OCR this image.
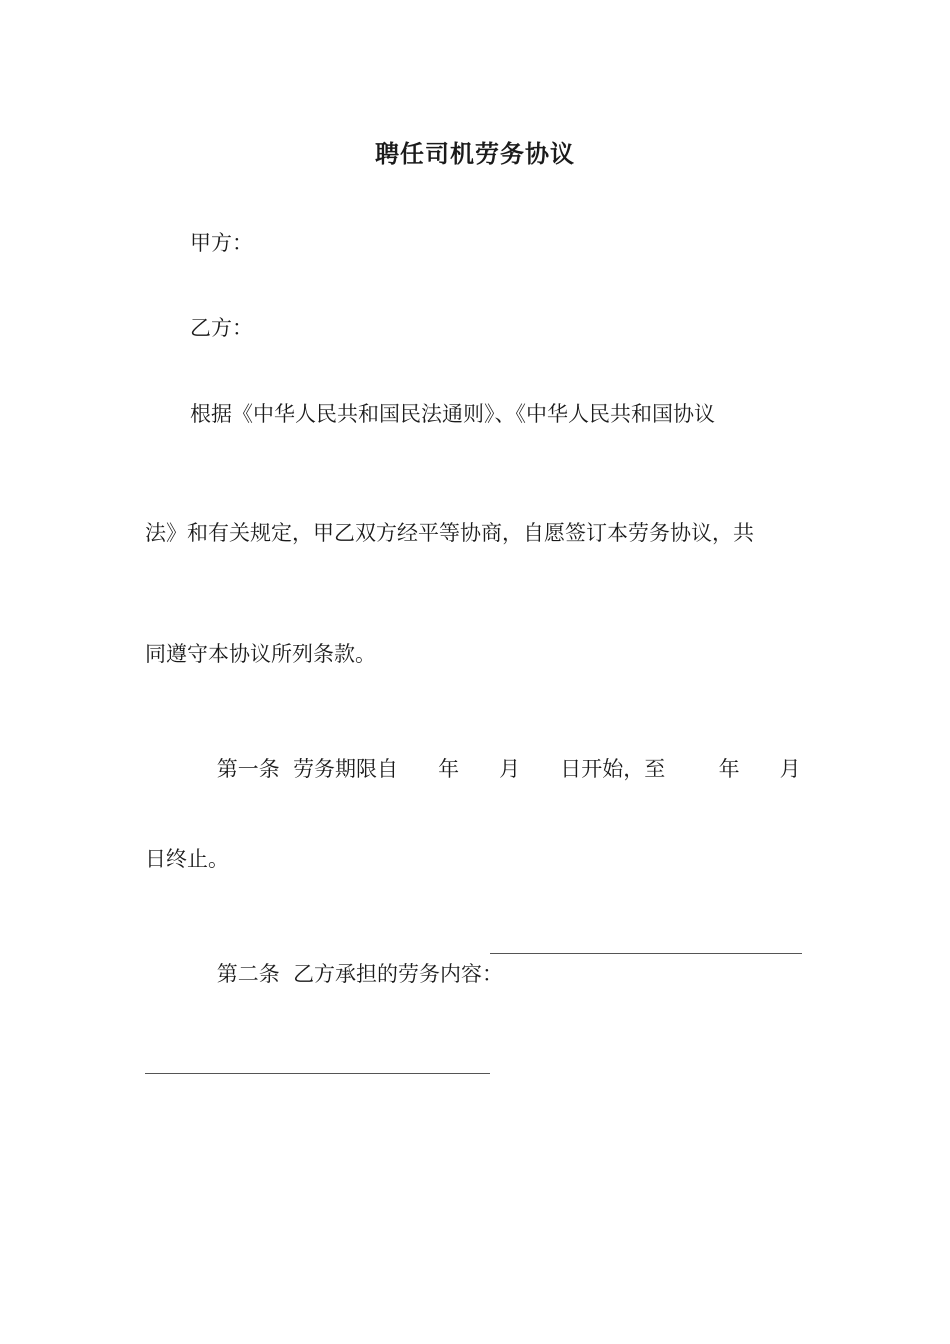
聘任司机劳务协议
甲方：
乙方：
根据《中华人民共和国民法通则》、《中华人民共和国协议
法》和有关规定，甲乙双方经平等协商，自愿签订本劳务协议，共
同遵守本协议所列条款。

第一条 劳务期限自      年      月      日开始，至        年      月

日终止。

第二条 乙方承担的劳务内容：
